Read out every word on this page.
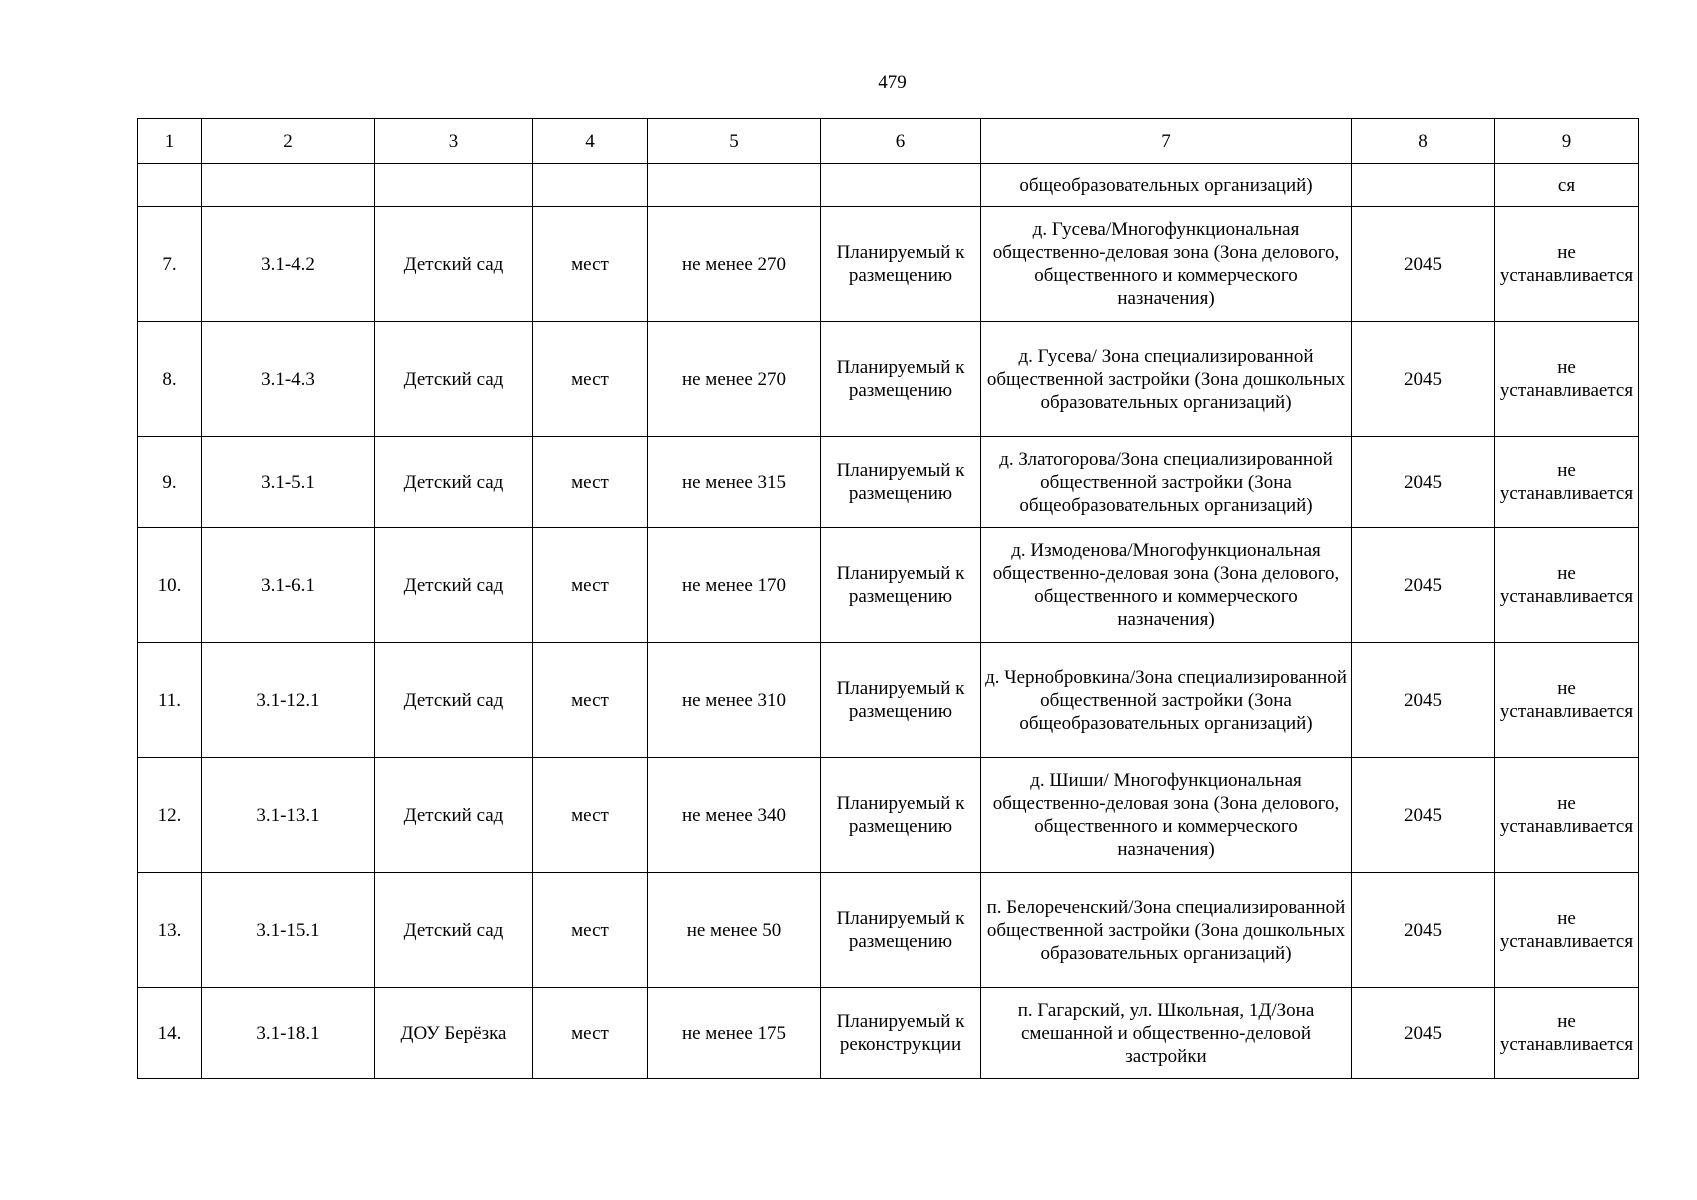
479
1	2	3	4	5	6	7	8	9
						общеобразовательных организаций)		ся
7.	3.1-4.2	Детский сад	мест	не менее 270	Планируемый к размещению	д. Гусева/Многофункциональная общественно-деловая зона (Зона делового, общественного и коммерческого назначения)	2045	не устанавливается
8.	3.1-4.3	Детский сад	мест	не менее 270	Планируемый к размещению	д. Гусева/ Зона специализированной общественной застройки (Зона дошкольных образовательных организаций)	2045	не устанавливается
9.	3.1-5.1	Детский сад	мест	не менее 315	Планируемый к размещению	д. Златогорова/Зона специализированной общественной застройки (Зона общеобразовательных организаций)	2045	не устанавливается
10.	3.1-6.1	Детский сад	мест	не менее 170	Планируемый к размещению	д. Измоденова/Многофункциональная общественно-деловая зона (Зона делового, общественного и коммерческого назначения)	2045	не устанавливается
11.	3.1-12.1	Детский сад	мест	не менее 310	Планируемый к размещению	д. Чернобровкина/Зона специализированной общественной застройки (Зона общеобразовательных организаций)	2045	не устанавливается
12.	3.1-13.1	Детский сад	мест	не менее 340	Планируемый к размещению	д. Шиши/ Многофункциональная общественно-деловая зона (Зона делового, общественного и коммерческого назначения)	2045	не устанавливается
13.	3.1-15.1	Детский сад	мест	не менее 50	Планируемый к размещению	п. Белореченский/Зона специализированной общественной застройки (Зона дошкольных образовательных организаций)	2045	не устанавливается
14.	3.1-18.1	ДОУ Берёзка	мест	не менее 175	Планируемый к реконструкции	п. Гагарский, ул. Школьная, 1Д/Зона смешанной и общественно-деловой застройки	2045	не устанавливается
